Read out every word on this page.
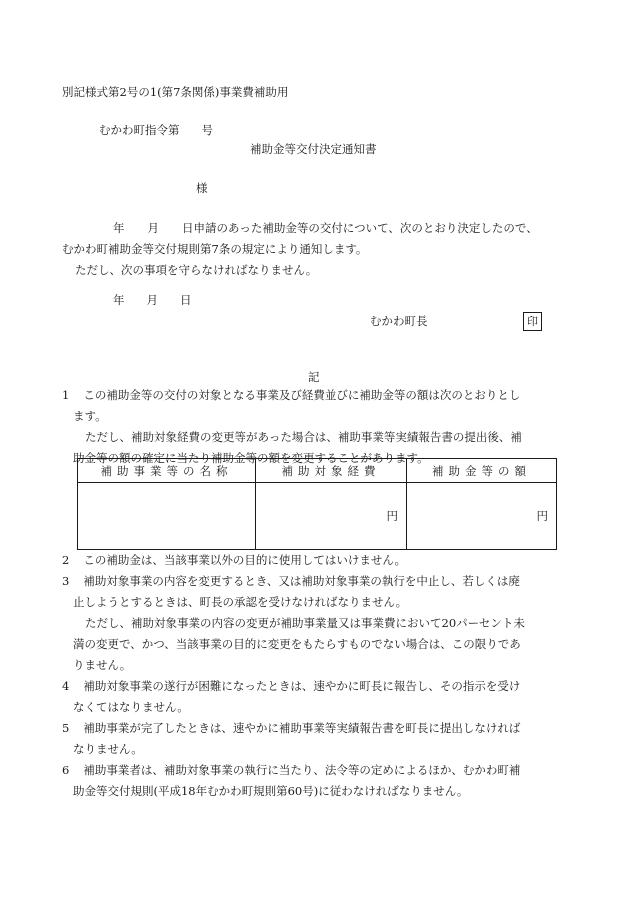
別記様式第2号の1(第7条関係)事業費補助用
むかわ町指令第 号
補助金等交付決定通知書
様
年 月 日申請のあった補助金等の交付について、次のとおり決定したので、
むかわ町補助金等交付規則第7条の規定により通知します。
ただし、次の事項を守らなければなりません。
年 月 日
むかわ町長	印
記
1 この補助金等の交付の対象となる事業及び経費並びに補助金等の額は次のとおりとし
ます。
ただし、補助対象経費の変更等があった場合は、補助事業等実績報告書の提出後、補
助金等の額の確定に当たり補助金等の額を変更することがあります。
補助事業等の名称	補助対象経費	補助金等の額
	円	円
2 この補助金は、当該事業以外の目的に使用してはいけません。
3 補助対象事業の内容を変更するとき、又は補助対象事業の執行を中止し、若しくは廃
止しようとするときは、町長の承認を受けなければなりません。
ただし、補助対象事業の内容の変更が補助事業量又は事業費において20パーセント未
満の変更で、かつ、当該事業の目的に変更をもたらすものでない場合は、この限りであ
りません。
4 補助対象事業の遂行が困難になったときは、速やかに町長に報告し、その指示を受け
なくてはなりません。
5 補助事業が完了したときは、速やかに補助事業等実績報告書を町長に提出しなければ
なりません。
6 補助事業者は、補助対象事業の執行に当たり、法令等の定めによるほか、むかわ町補
助金等交付規則(平成18年むかわ町規則第60号)に従わなければなりません。
